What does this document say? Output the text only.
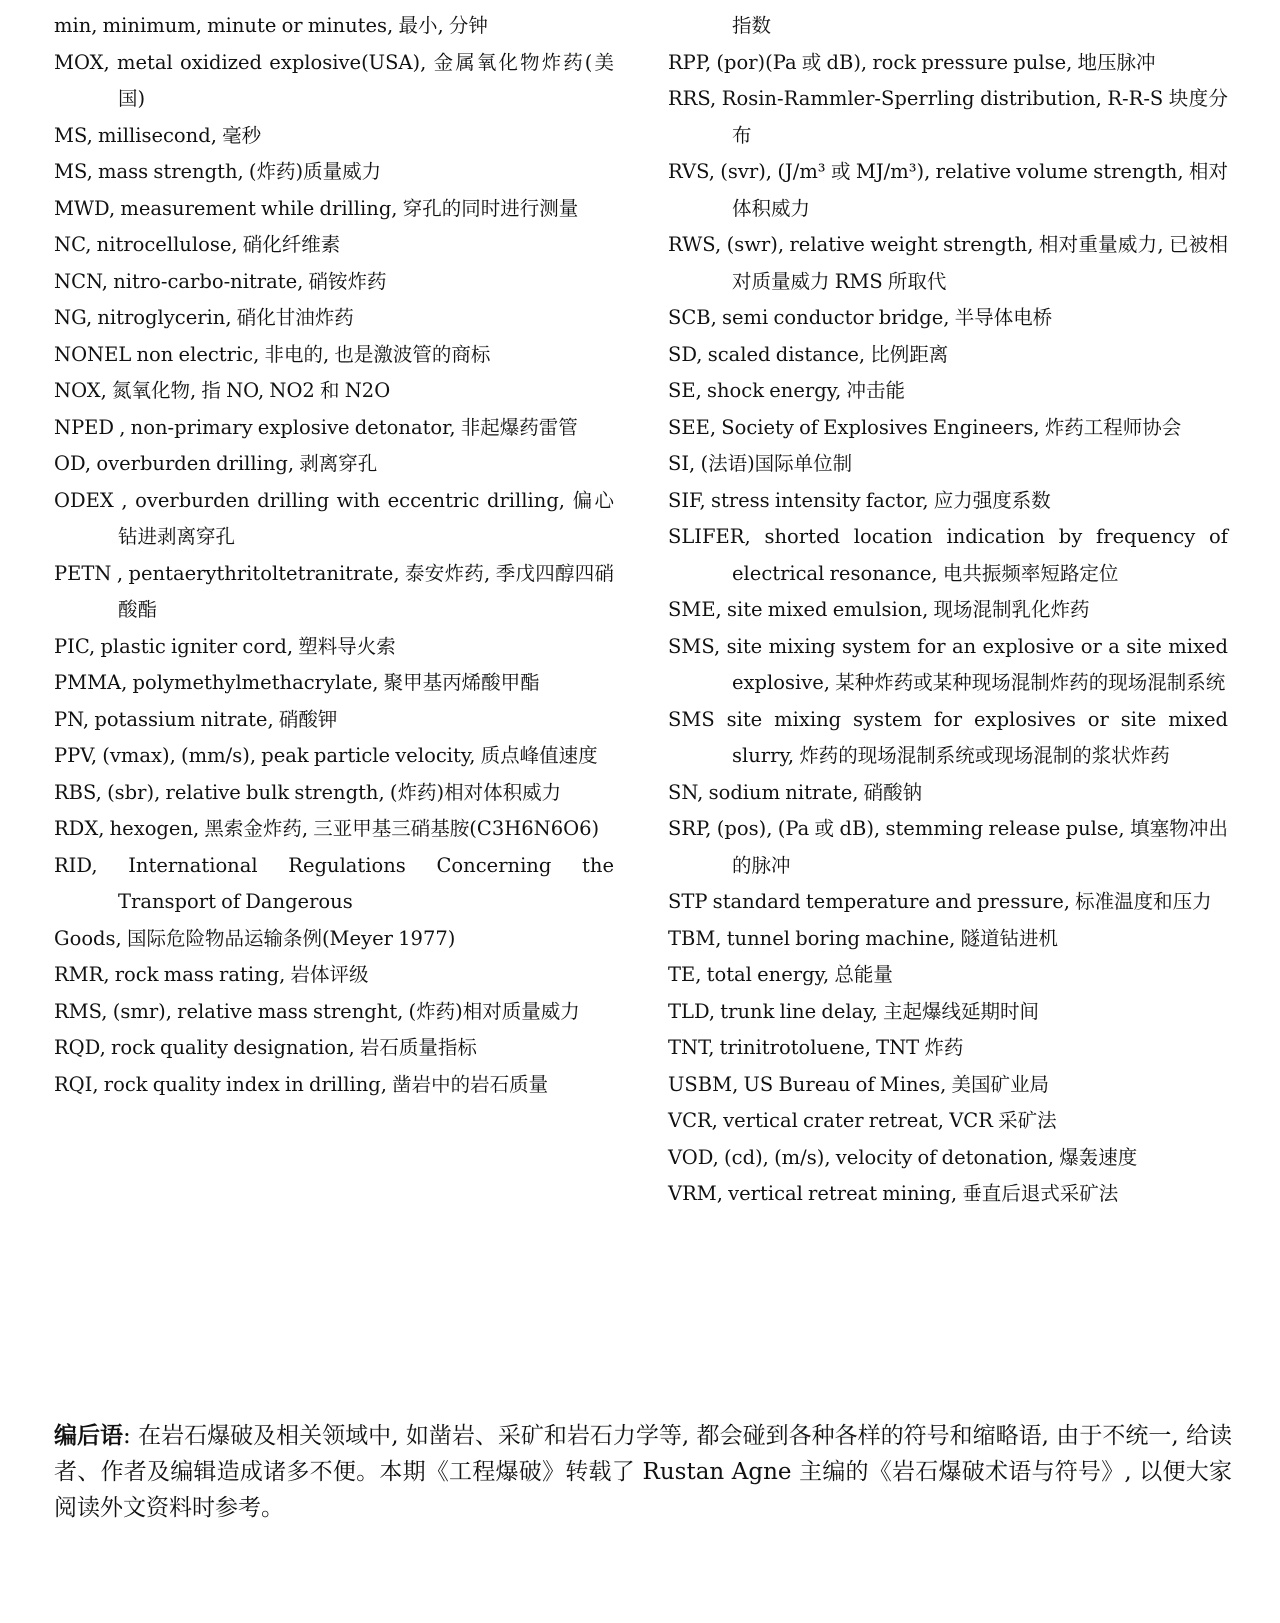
min, minimum, minute or minutes, 最小, 分钟
MOX, metal oxidized explosive(USA), 金属氧化物炸药(美国)
MS, millisecond, 毫秒
MS, mass strength, (炸药)质量威力
MWD, measurement while drilling, 穿孔的同时进行测量
NC, nitrocellulose, 硝化纤维素
NCN, nitro-carbo-nitrate, 硝铵炸药
NG, nitroglycerin, 硝化甘油炸药
NONEL non electric, 非电的, 也是激波管的商标
NOX, 氮氧化物, 指 NO, NO2 和 N2O
NPED , non-primary explosive detonator, 非起爆药雷管
OD, overburden drilling, 剥离穿孔
ODEX , overburden drilling with eccentric drilling, 偏心钻进剥离穿孔
PETN , pentaerythritoltetranitrate, 泰安炸药, 季戊四醇四硝酸酯
PIC, plastic igniter cord, 塑料导火索
PMMA, polymethylmethacrylate, 聚甲基丙烯酸甲酯
PN, potassium nitrate, 硝酸钾
PPV, (vmax), (mm/s), peak particle velocity, 质点峰值速度
RBS, (sbr), relative bulk strength, (炸药)相对体积威力
RDX, hexogen, 黑索金炸药, 三亚甲基三硝基胺(C3H6N6O6)
RID, International Regulations Concerning the Transport of Dangerous
Goods, 国际危险物品运输条例(Meyer 1977)
RMR, rock mass rating, 岩体评级
RMS, (smr), relative mass strenght, (炸药)相对质量威力
RQD, rock quality designation, 岩石质量指标
RQI, rock quality index in drilling, 凿岩中的岩石质量
指数
RPP, (por)(Pa 或 dB), rock pressure pulse, 地压脉冲
RRS, Rosin-Rammler-Sperrling distribution, R-R-S 块度分布
RVS, (svr), (J/m³ 或 MJ/m³), relative volume strength, 相对体积威力
RWS, (swr), relative weight strength, 相对重量威力, 已被相对质量威力 RMS 所取代
SCB, semi conductor bridge, 半导体电桥
SD, scaled distance, 比例距离
SE, shock energy, 冲击能
SEE, Society of Explosives Engineers, 炸药工程师协会
SI, (法语)国际单位制
SIF, stress intensity factor, 应力强度系数
SLIFER, shorted location indication by frequency of electrical resonance, 电共振频率短路定位
SME, site mixed emulsion, 现场混制乳化炸药
SMS, site mixing system for an explosive or a site mixed explosive, 某种炸药或某种现场混制炸药的现场混制系统
SMS site mixing system for explosives or site mixed slurry, 炸药的现场混制系统或现场混制的浆状炸药
SN, sodium nitrate, 硝酸钠
SRP, (pos), (Pa 或 dB), stemming release pulse, 填塞物冲出的脉冲
STP standard temperature and pressure, 标准温度和压力
TBM, tunnel boring machine, 隧道钻进机
TE, total energy, 总能量
TLD, trunk line delay, 主起爆线延期时间
TNT, trinitrotoluene, TNT 炸药
USBM, US Bureau of Mines, 美国矿业局
VCR, vertical crater retreat, VCR 采矿法
VOD, (cd), (m/s), velocity of detonation, 爆轰速度
VRM, vertical retreat mining, 垂直后退式采矿法
编后语: 在岩石爆破及相关领域中, 如凿岩、采矿和岩石力学等, 都会碰到各种各样的符号和缩略语, 由于不统一, 给读者、作者及编辑造成诸多不便。本期《工程爆破》转载了 Rustan Agne 主编的《岩石爆破术语与符号》, 以便大家阅读外文资料时参考。
